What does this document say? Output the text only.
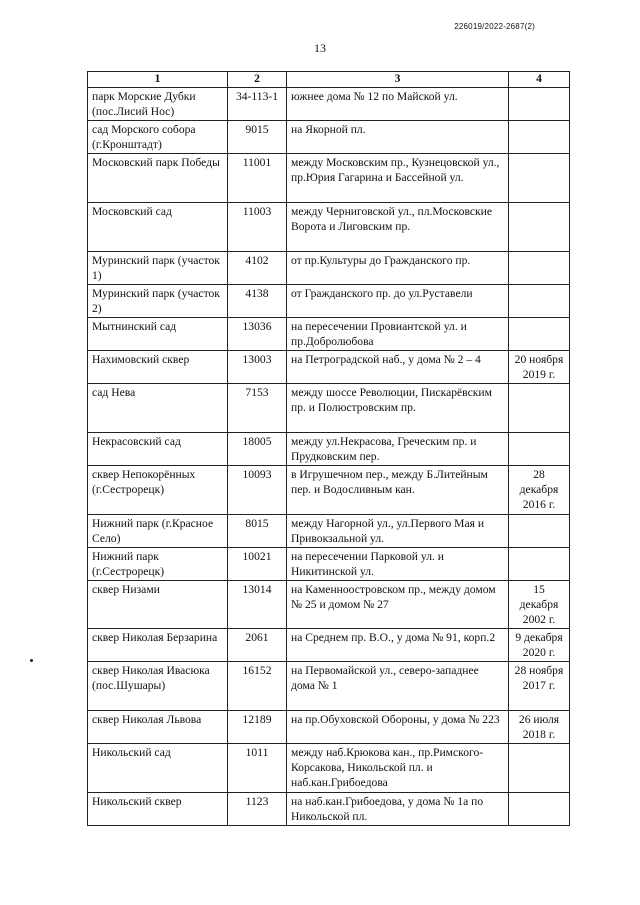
226019/2022-2687(2)
13
1	2	3	4
парк Морские Дубки (пос.Лисий Нос)	34-113-1	южнее дома № 12 по Майской ул.	
сад Морского собора (г.Кронштадт)	9015	на Якорной пл.	
Московский парк Победы	11001	между Московским пр., Кузнецовской ул., пр.Юрия Гагарина и Бассейной ул.	
Московский сад	11003	между Черниговской ул., пл.Московские Ворота и Лиговским пр.	
Муринский парк (участок 1)	4102	от пр.Культуры до Гражданского пр.	
Муринский парк (участок 2)	4138	от Гражданского пр. до ул.Руставели	
Мытнинский сад	13036	на пересечении Провиантской ул. и пр.Добролюбова	
Нахимовский сквер	13003	на Петроградской наб., у дома № 2 – 4	20 ноября 2019 г.
сад Нева	7153	между шоссе Революции, Пискарёвским пр. и Полюстровским пр.	
Некрасовский сад	18005	между ул.Некрасова, Греческим пр. и Прудковским пер.	
сквер Непокорённых (г.Сестрорецк)	10093	в Игрушечном пер., между Б.Литейным пер. и Водосливным кан.	28 декабря 2016 г.
Нижний парк (г.Красное Село)	8015	между Нагорной ул., ул.Первого Мая и Привокзальной ул.	
Нижний парк (г.Сестрорецк)	10021	на пересечении Парковой ул. и Никитинской ул.	
сквер Низами	13014	на Каменноостровском пр., между домом № 25 и домом № 27	15 декабря 2002 г.
сквер Николая Берзарина	2061	на Среднем пр. В.О., у дома № 91, корп.2	9 декабря 2020 г.
сквер Николая Ивасюка (пос.Шушары)	16152	на Первомайской ул., северо-западнее дома № 1	28 ноября 2017 г.
сквер Николая Львова	12189	на пр.Обуховской Обороны, у дома № 223	26 июля 2018 г.
Никольский сад	1011	между наб.Крюкова кан., пр.Римского-Корсакова, Никольской пл. и наб.кан.Грибоедова	
Никольский сквер	1123	на наб.кан.Грибоедова, у дома № 1а по Никольской пл.	
